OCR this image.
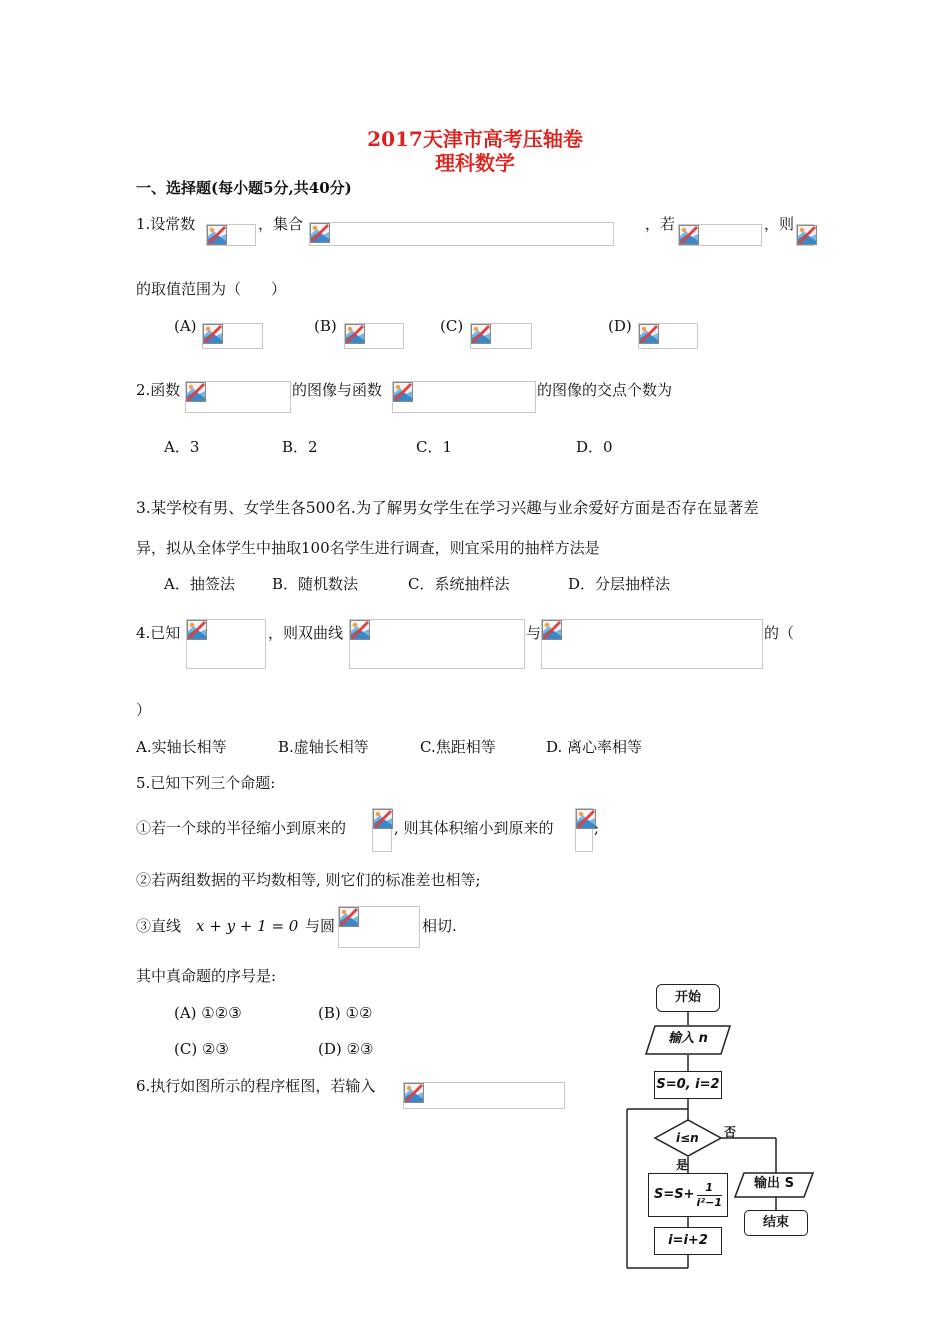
2017天津市高考压轴卷
理科数学
一、选择题(每小题5分,共40分)
1.设常数	，集合	，若	，则
的取值范围为（　　）
(A)	(B)	(C)	(D)
2.函数	的图像与函数	的图像的交点个数为
A．3	B．2	C．1	D．0
3.某学校有男、女学生各500名.为了解男女学生在学习兴趣与业余爱好方面是否存在显著差
异，拟从全体学生中抽取100名学生进行调查，则宜采用的抽样方法是
A．抽签法 B．随机数法	C．系统抽样法	D．分层抽样法
4.已知	，则双曲线	与	的（
）
A.实轴长相等	B.虚轴长相等	C.焦距相等	D. 离心率相等
5.已知下列三个命题:
①若一个球的半径缩小到原来的	, 则其体积缩小到原来的	;
②若两组数据的平均数相等, 则它们的标准差也相等;
③直线 x + y + 1 = 0 与圆	相切.
其中真命题的序号是:
(A) ①②③	(B) ①②
(C) ②③	(D) ②③
6.执行如图所示的程序框图，若输入
开始
输入 n
S=0, i=2
i≤n 否
是
$S=S+ \frac{1}{\text{i²−1}}$
i=i+2
输出 S
结束
